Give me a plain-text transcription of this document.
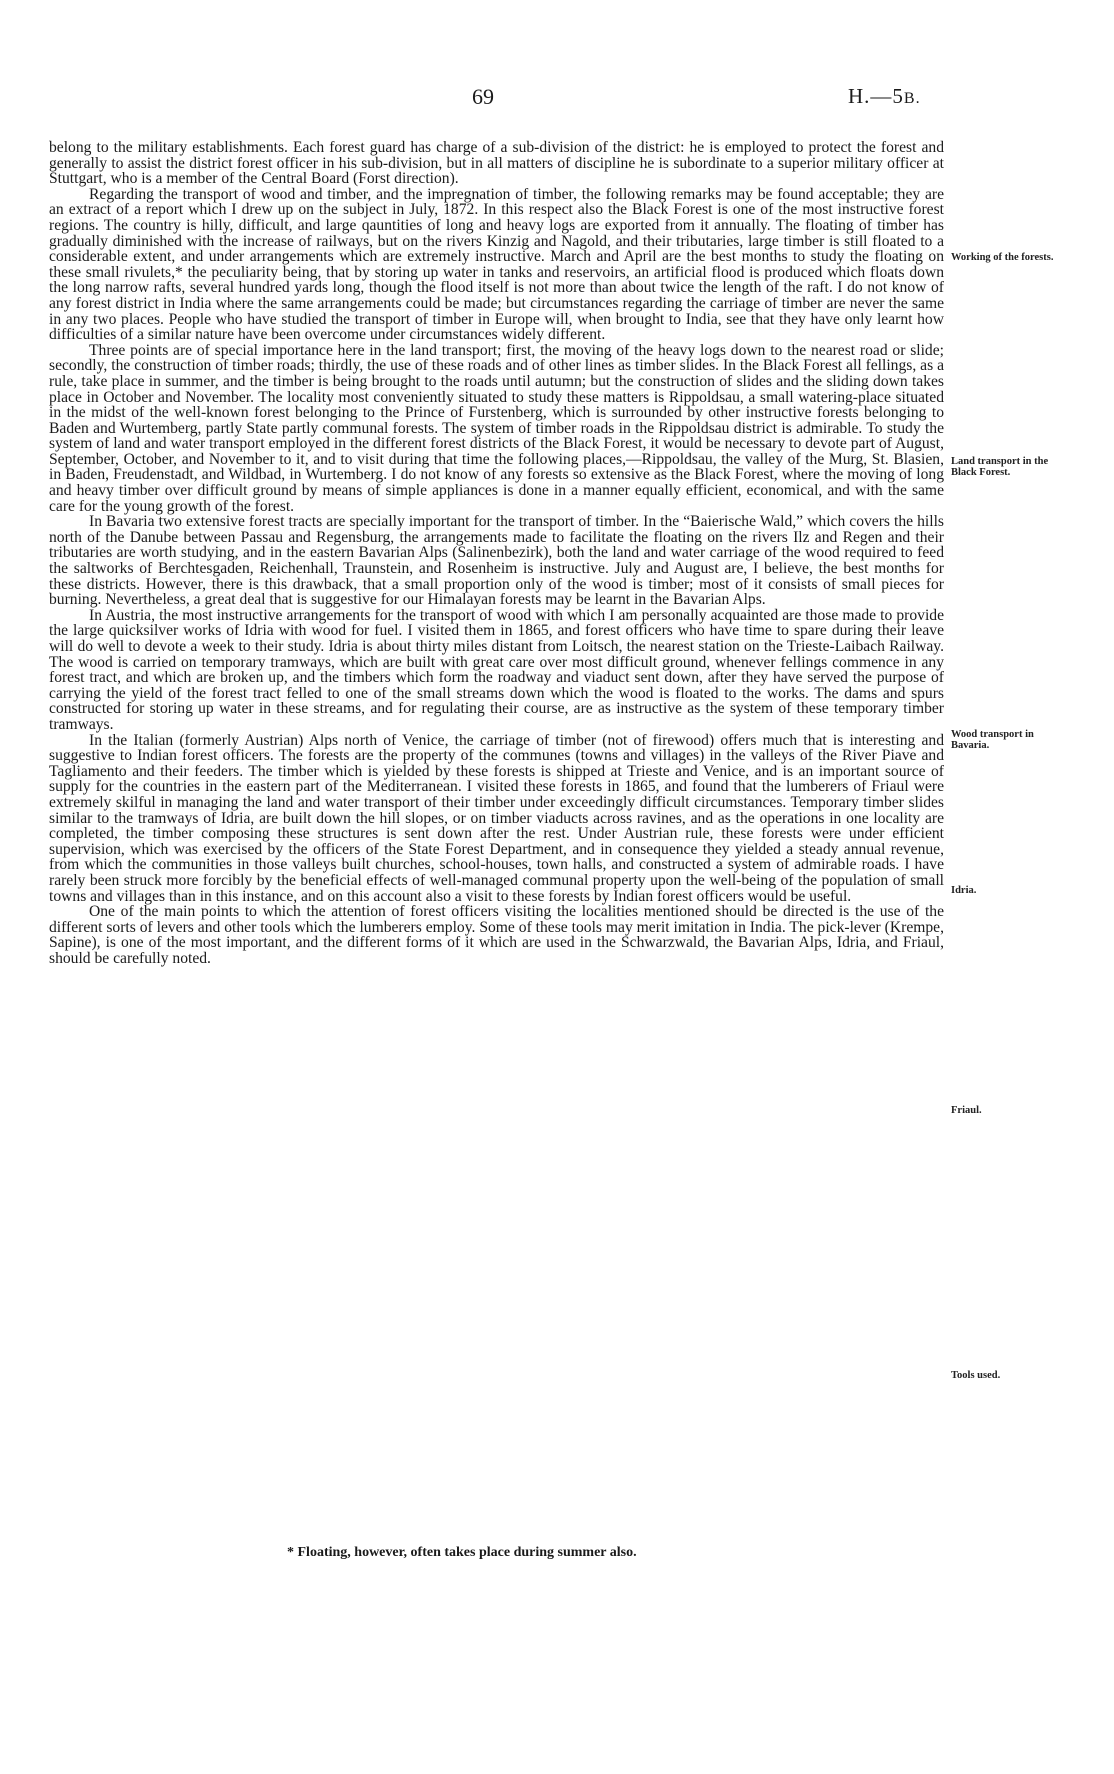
69	H.—5B.

belong to the military establishments. Each forest guard has charge of a sub-division of the district: he is employed to protect the forest and generally to assist the district forest officer in his sub-division, but in all matters of discipline he is subordinate to a superior military officer at Stuttgart, who is a member of the Central Board (Forst direction).

Regarding the transport of wood and timber, and the impregnation of timber, the following remarks may be found acceptable; they are an extract of a report which I drew up on the subject in July, 1872. In this respect also the Black Forest is one of the most instructive forest regions. The country is hilly, difficult, and large qauntities of long and heavy logs are exported from it annually. The floating of timber has gradually diminished with the increase of railways, but on the rivers Kinzig and Nagold, and their tributaries, large timber is still floated to a considerable extent, and under arrangements which are extremely instructive. March and April are the best months to study the floating on these small rivulets,* the peculiarity being, that by storing up water in tanks and reservoirs, an artificial flood is produced which floats down the long narrow rafts, several hundred yards long, though the flood itself is not more than about twice the length of the raft. I do not know of any forest district in India where the same arrangements could be made; but circumstances regarding the carriage of timber are never the same in any two places. People who have studied the transport of timber in Europe will, when brought to India, see that they have only learnt how difficulties of a similar nature have been overcome under circumstances widely different.

Three points are of special importance here in the land transport; first, the moving of the heavy logs down to the nearest road or slide; secondly, the construction of timber roads; thirdly, the use of these roads and of other lines as timber slides. In the Black Forest all fellings, as a rule, take place in summer, and the timber is being brought to the roads until autumn; but the construction of slides and the sliding down takes place in October and November. The locality most conveniently situated to study these matters is Rippoldsau, a small watering-place situated in the midst of the well-known forest belonging to the Prince of Furstenberg, which is surrounded by other instructive forests belonging to Baden and Wurtemberg, partly State partly communal forests. The system of timber roads in the Rippoldsau district is admirable. To study the system of land and water transport employed in the different forest districts of the Black Forest, it would be necessary to devote part of August, September, October, and November to it, and to visit during that time the following places,—Rippoldsau, the valley of the Murg, St. Blasien, in Baden, Freudenstadt, and Wildbad, in Wurtemberg. I do not know of any forests so extensive as the Black Forest, where the moving of long and heavy timber over difficult ground by means of simple appliances is done in a manner equally efficient, economical, and with the same care for the young growth of the forest.

In Bavaria two extensive forest tracts are specially important for the transport of timber. In the “Baierische Wald,” which covers the hills north of the Danube between Passau and Regensburg, the arrangements made to facilitate the floating on the rivers Ilz and Regen and their tributaries are worth studying, and in the eastern Bavarian Alps (Salinenbezirk), both the land and water carriage of the wood required to feed the saltworks of Berchtesgaden, Reichenhall, Traunstein, and Rosenheim is instructive. July and August are, I believe, the best months for these districts. However, there is this drawback, that a small proportion only of the wood is timber; most of it consists of small pieces for burning. Nevertheless, a great deal that is suggestive for our Himalayan forests may be learnt in the Bavarian Alps.

In Austria, the most instructive arrangements for the transport of wood with which I am personally acquainted are those made to provide the large quicksilver works of Idria with wood for fuel. I visited them in 1865, and forest officers who have time to spare during their leave will do well to devote a week to their study. Idria is about thirty miles distant from Loitsch, the nearest station on the Trieste-Laibach Railway. The wood is carried on temporary tramways, which are built with great care over most difficult ground, whenever fellings commence in any forest tract, and which are broken up, and the timbers which form the roadway and viaduct sent down, after they have served the purpose of carrying the yield of the forest tract felled to one of the small streams down which the wood is floated to the works. The dams and spurs constructed for storing up water in these streams, and for regulating their course, are as instructive as the system of these temporary timber tramways.

In the Italian (formerly Austrian) Alps north of Venice, the carriage of timber (not of firewood) offers much that is interesting and suggestive to Indian forest officers. The forests are the property of the communes (towns and villages) in the valleys of the River Piave and Tagliamento and their feeders. The timber which is yielded by these forests is shipped at Trieste and Venice, and is an important source of supply for the countries in the eastern part of the Mediterranean. I visited these forests in 1865, and found that the lumberers of Friaul were extremely skilful in managing the land and water transport of their timber under exceedingly difficult circumstances. Temporary timber slides similar to the tramways of Idria, are built down the hill slopes, or on timber viaducts across ravines, and as the operations in one locality are completed, the timber composing these structures is sent down after the rest. Under Austrian rule, these forests were under efficient supervision, which was exercised by the officers of the State Forest Department, and in consequence they yielded a steady annual revenue, from which the communities in those valleys built churches, school-houses, town halls, and constructed a system of admirable roads. I have rarely been struck more forcibly by the beneficial effects of well-managed communal property upon the well-being of the population of small towns and villages than in this instance, and on this account also a visit to these forests by Indian forest officers would be useful.

One of the main points to which the attention of forest officers visiting the localities mentioned should be directed is the use of the different sorts of levers and other tools which the lumberers employ. Some of these tools may merit imitation in India. The pick-lever (Krempe, Sapine), is one of the most important, and the different forms of it which are used in the Schwarzwald, the Bavarian Alps, Idria, and Friaul, should be carefully noted.

Working of the forests.
Land transport in the Black Forest.
Wood transport in Bavaria.
Idria.
Friaul.
Tools used.
* Floating, however, often takes place during summer also.
